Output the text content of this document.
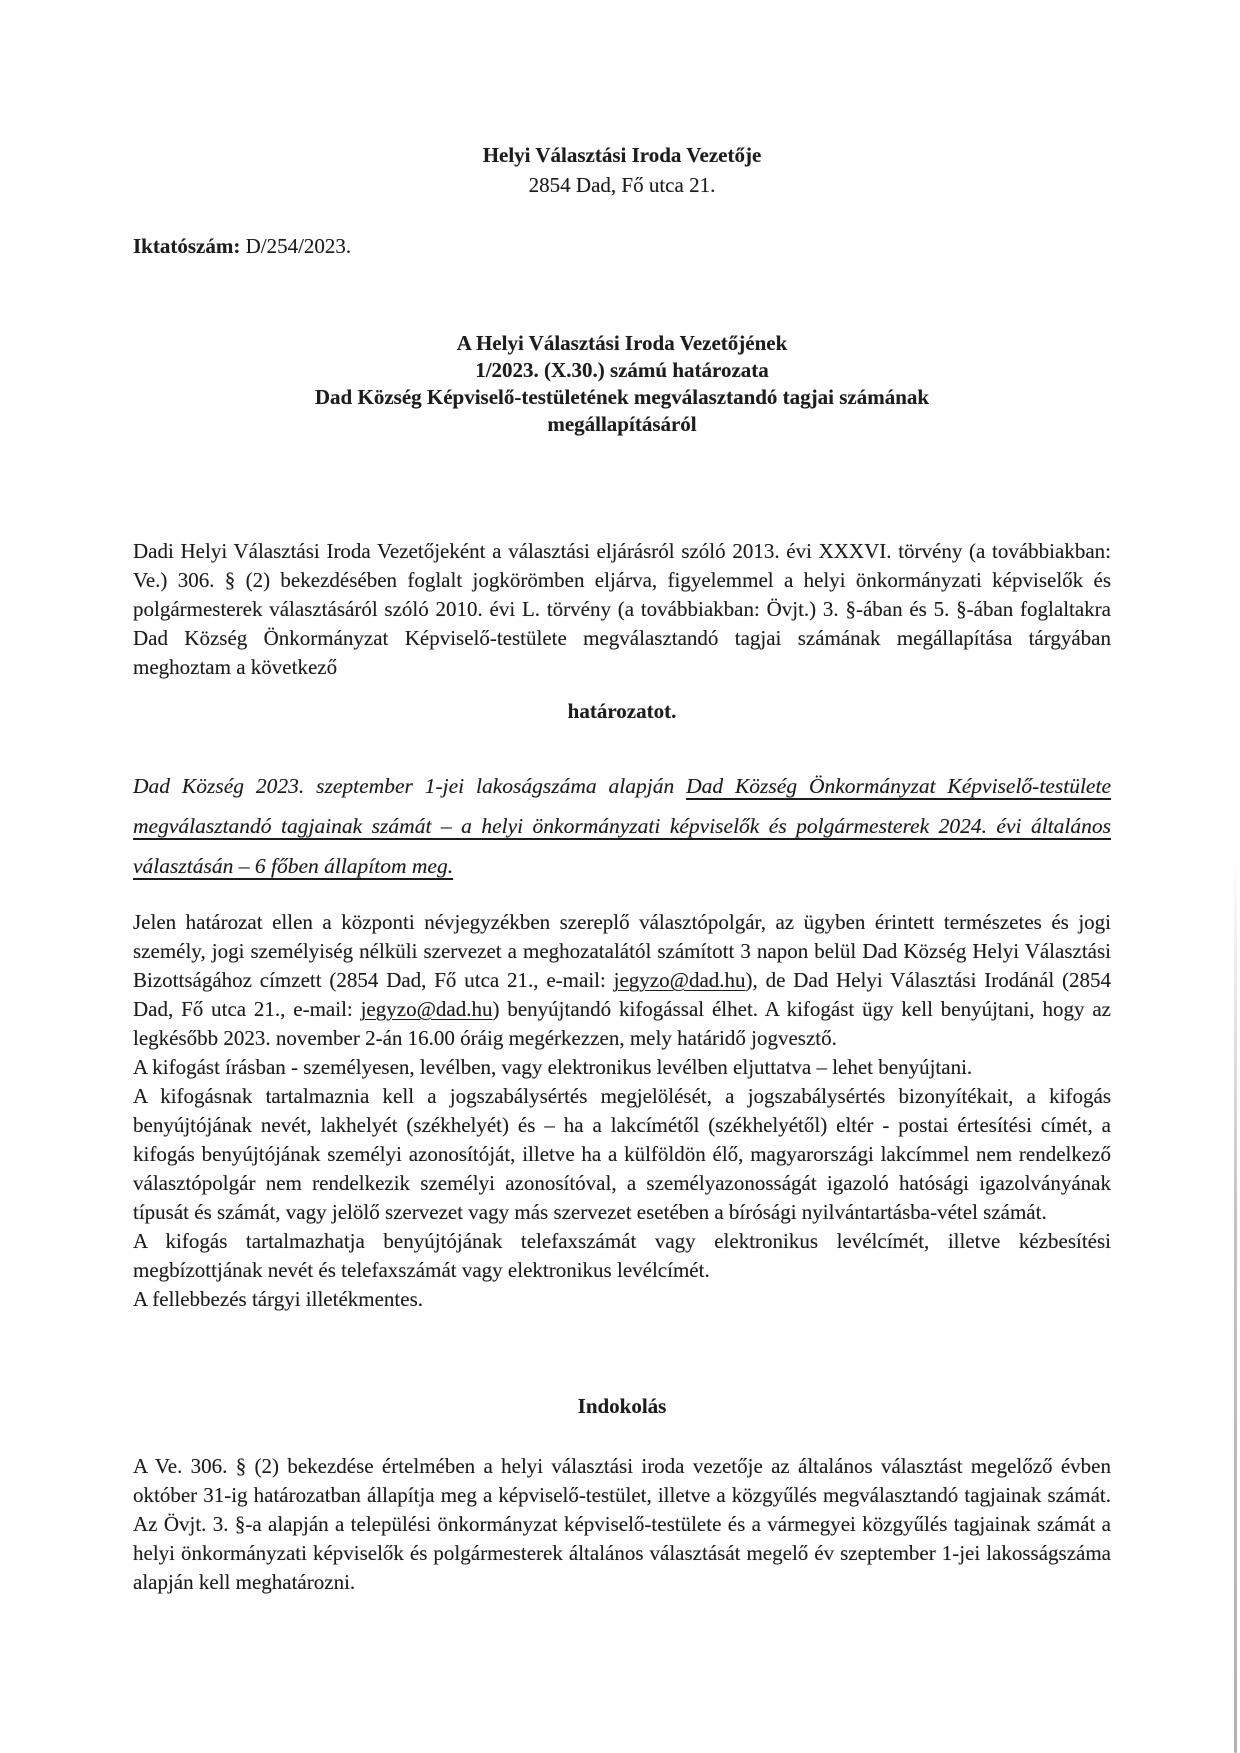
Helyi Választási Iroda Vezetője
2854 Dad, Fő utca 21.
Iktatószám: D/254/2023.
A Helyi Választási Iroda Vezetőjének
1/2023. (X.30.) számú határozata
Dad Község Képviselő-testületének megválasztandó tagjai számának
megállapításáról

Dadi Helyi Választási Iroda Vezetőjeként a választási eljárásról szóló 2013. évi XXXVI. törvény (a továbbiakban: Ve.) 306. § (2) bekezdésében foglalt jogkörömben eljárva, figyelemmel a helyi önkormányzati képviselők és polgármesterek választásáról szóló 2010. évi L. törvény (a továbbiakban: Övjt.) 3. §-ában és 5. §-ában foglaltakra Dad Község Önkormányzat Képviselő-testülete megválasztandó tagjai számának megállapítása tárgyában meghoztam a következő

határozatot.

Dad Község 2023. szeptember 1-jei lakoságszáma alapján Dad Község Önkormányzat Képviselő-testülete megválasztandó tagjainak számát – a helyi önkormányzati képviselők és polgármesterek 2024. évi általános választásán – 6 főben állapítom meg.

Jelen határozat ellen a központi névjegyzékben szereplő választópolgár, az ügyben érintett természetes és jogi személy, jogi személyiség nélküli szervezet a meghozatalától számított 3 napon belül Dad Község Helyi Választási Bizottságához címzett (2854 Dad, Fő utca 21., e-mail: jegyzo@dad.hu), de Dad Helyi Választási Irodánál (2854 Dad, Fő utca 21., e-mail: jegyzo@dad.hu) benyújtandó kifogással élhet. A kifogást ügy kell benyújtani, hogy az legkésőbb 2023. november 2-án 16.00 óráig megérkezzen, mely határidő jogvesztő.

A kifogást írásban - személyesen, levélben, vagy elektronikus levélben eljuttatva – lehet benyújtani.

A kifogásnak tartalmaznia kell a jogszabálysértés megjelölését, a jogszabálysértés bizonyítékait, a kifogás benyújtójának nevét, lakhelyét (székhelyét) és – ha a lakcímétől (székhelyétől) eltér - postai értesítési címét, a kifogás benyújtójának személyi azonosítóját, illetve ha a külföldön élő, magyarországi lakcímmel nem rendelkező választópolgár nem rendelkezik személyi azonosítóval, a személyazonosságát igazoló hatósági igazolványának típusát és számát, vagy jelölő szervezet vagy más szervezet esetében a bírósági nyilvántartásba-vétel számát.

A kifogás tartalmazhatja benyújtójának telefaxszámát vagy elektronikus levélcímét, illetve kézbesítési megbízottjának nevét és telefaxszámát vagy elektronikus levélcímét.

A fellebbezés tárgyi illetékmentes.

Indokolás

A Ve. 306. § (2) bekezdése értelmében a helyi választási iroda vezetője az általános választást megelőző évben október 31-ig határozatban állapítja meg a képviselő-testület, illetve a közgyűlés megválasztandó tagjainak számát. Az Övjt. 3. §-a alapján a települési önkormányzat képviselő-testülete és a vármegyei közgyűlés tagjainak számát a helyi önkormányzati képviselők és polgármesterek általános választását megelő év szeptember 1-jei lakosságszáma alapján kell meghatározni.
